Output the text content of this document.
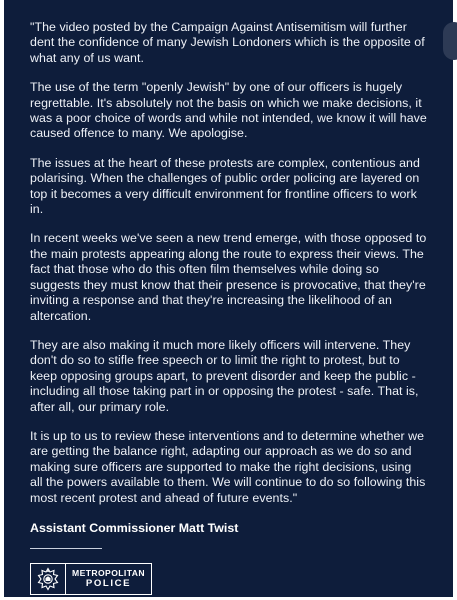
"The video posted by the Campaign Against Antisemitism will further dent the confidence of many Jewish Londoners which is the opposite of what any of us want.

The use of the term "openly Jewish" by one of our officers is hugely regrettable. It's absolutely not the basis on which we make decisions, it was a poor choice of words and while not intended, we know it will have caused offence to many. We apologise.

The issues at the heart of these protests are complex, contentious and polarising. When the challenges of public order policing are layered on top it becomes a very difficult environment for frontline officers to work in.

In recent weeks we've seen a new trend emerge, with those opposed to the main protests appearing along the route to express their views. The fact that those who do this often film themselves while doing so suggests they must know that their presence is provocative, that they're inviting a response and that they're increasing the likelihood of an altercation.

They are also making it much more likely officers will intervene. They don't do so to stifle free speech or to limit the right to protest, but to keep opposing groups apart, to prevent disorder and keep the public - including all those taking part in or opposing the protest - safe. That is, after all, our primary role.

It is up to us to review these interventions and to determine whether we are getting the balance right, adapting our approach as we do so and making sure officers are supported to make the right decisions, using all the powers available to them. We will continue to do so following this most recent protest and ahead of future events."

Assistant Commissioner Matt Twist
METROPOLITAN
POLICE
